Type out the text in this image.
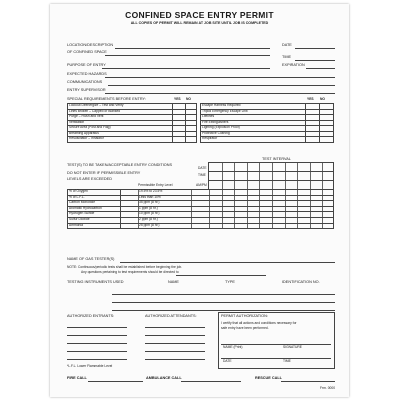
CONFINED SPACE ENTRY PERMIT
ALL COPIES OF PERMIT WILL REMAIN AT JOB SITE UNTIL JOB IS COMPLETED
LOCATION/DESCRIPTION	DATE
OF CONFINED SPACE
TIME
PURPOSE OF ENTRY	EXPIRATION
EXPECTED HAZARDS
COMMUNICATIONS
ENTRY SUPERVISOR
SPECIAL REQUIREMENTS BEFORE ENTRY:	YES NO	YES NO
Lockout Deenergize – Test and Verify
Lines Broken – Capped or Blanked
Purge – Flush and Vent
Ventilation
Secure Area (Post and Flag)
Breathing Apparatus
Resuscitator – Inhalator
Escape Harness Required
Tripod Emergency Escape Unit
Lifelines
Fire Extinguishers
Lighting (Explosion Proof)
Protective Clothing
Respirator
TEST(S) TO BE TAKEN/ACCEPTABLE ENTRY CONDITIONS
TEST INTERVAL
DO NOT ENTER IF PERMISSIBLE ENTRY
LEVELS ARE EXCEEDED
DATE
TIME
AM/PM
Permissible Entry Level
% of Oxygen	19.5% to 23.5%
% of L.F.L.	Less than 10%
Carbon Monoxide	35 ppm (8 hr.)
Aromatic Hydrocarbon	1 ppm (8 hr.)
Hydrogen Sulfide	10 ppm (8 hr.)
Sulfur Dioxide	2 ppm (8 hr.)
Ammonia	25 ppm (8 hr.)
NAME OF GAS TESTER(S)
NOTE: Continuous/periodic tests shall be established before beginning the job.
Any questions pertaining to test requirements should be directed to
TESTING INSTRUMENTS USED	NAME	TYPE	IDENTIFICATION NO.
AUTHORIZED ENTRANTS:	AUTHORIZED ATTENDANTS:
*L.F.L. Lower Flammable Level
PERMIT AUTHORIZATION:
I certify that all actions and conditions necessary for
safe entry have been performed.
NAME (Print)	SIGNATURE
DATE	TIME
FIRE CALL	AMBULANCE CALL	RESCUE CALL
Frm. 0000
